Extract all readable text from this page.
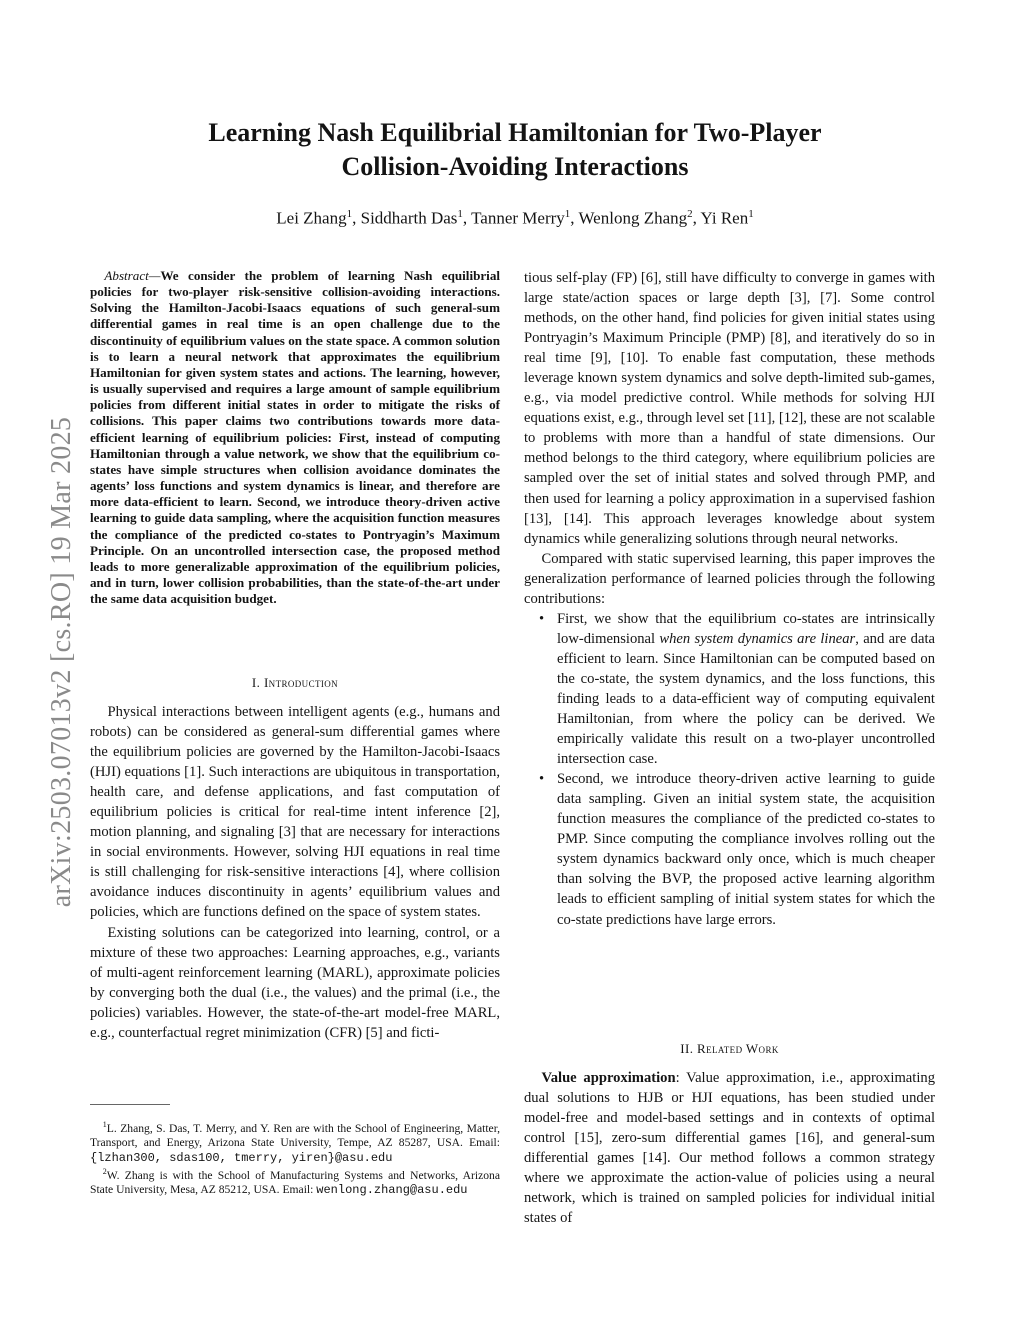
arXiv:2503.07013v2 [cs.RO] 19 Mar 2025
Learning Nash Equilibrial Hamiltonian for Two-Player
Collision-Avoiding Interactions
Lei Zhang$^1$, Siddharth Das$^1$, Tanner Merry$^1$, Wenlong Zhang$^2$, Yi Ren$^1$
Abstract—We consider the problem of learning Nash equilibrial policies for two-player risk-sensitive collision-avoiding interactions. Solving the Hamilton-Jacobi-Isaacs equations of such general-sum differential games in real time is an open challenge due to the discontinuity of equilibrium values on the state space. A common solution is to learn a neural network that approximates the equilibrium Hamiltonian for given system states and actions. The learning, however, is usually supervised and requires a large amount of sample equilibrium policies from different initial states in order to mitigate the risks of collisions. This paper claims two contributions towards more data-efficient learning of equilibrium policies: First, instead of computing Hamiltonian through a value network, we show that the equilibrium co-states have simple structures when collision avoidance dominates the agents’ loss functions and system dynamics is linear, and therefore are more data-efficient to learn. Second, we introduce theory-driven active learning to guide data sampling, where the acquisition function measures the compliance of the predicted co-states to Pontryagin’s Maximum Principle. On an uncontrolled intersection case, the proposed method leads to more generalizable approximation of the equilibrium policies, and in turn, lower collision probabilities, than the state-of-the-art under the same data acquisition budget.
I. Introduction

Physical interactions between intelligent agents (e.g., humans and robots) can be considered as general-sum differential games where the equilibrium policies are governed by the Hamilton-Jacobi-Isaacs (HJI) equations [1]. Such interactions are ubiquitous in transportation, health care, and defense applications, and fast computation of equilibrium policies is critical for real-time intent inference [2], motion planning, and signaling [3] that are necessary for interactions in social environments. However, solving HJI equations in real time is still challenging for risk-sensitive interactions [4], where collision avoidance induces discontinuity in agents’ equilibrium values and policies, which are functions defined on the space of system states.

Existing solutions can be categorized into learning, control, or a mixture of these two approaches: Learning approaches, e.g., variants of multi-agent reinforcement learning (MARL), approximate policies by converging both the dual (i.e., the values) and the primal (i.e., the policies) variables. However, the state-of-the-art model-free MARL, e.g., counterfactual regret minimization (CFR) [5] and ficti-

$^1$L. Zhang, S. Das, T. Merry, and Y. Ren are with the School of Engineering, Matter, Transport, and Energy, Arizona State University, Tempe, AZ 85287, USA. Email: {lzhan300, sdas100, tmerry, yiren}@asu.edu

$^2$W. Zhang is with the School of Manufacturing Systems and Networks, Arizona State University, Mesa, AZ 85212, USA. Email: wenlong.zhang@asu.edu

tious self-play (FP) [6], still have difficulty to converge in games with large state/action spaces or large depth [3], [7]. Some control methods, on the other hand, find policies for given initial states using Pontryagin’s Maximum Principle (PMP) [8], and iteratively do so in real time [9], [10]. To enable fast computation, these methods leverage known system dynamics and solve depth-limited sub-games, e.g., via model predictive control. While methods for solving HJI equations exist, e.g., through level set [11], [12], these are not scalable to problems with more than a handful of state dimensions. Our method belongs to the third category, where equilibrium policies are sampled over the set of initial states and solved through PMP, and then used for learning a policy approximation in a supervised fashion [13], [14]. This approach leverages knowledge about system dynamics while generalizing solutions through neural networks.

Compared with static supervised learning, this paper improves the generalization performance of learned policies through the following contributions:

• First, we show that the equilibrium co-states are intrinsically low-dimensional when system dynamics are linear, and are data efficient to learn. Since Hamiltonian can be computed based on the co-state, the system dynamics, and the loss functions, this finding leads to a data-efficient way of computing equivalent Hamiltonian, from where the policy can be derived. We empirically validate this result on a two-player uncontrolled intersection case.
• Second, we introduce theory-driven active learning to guide data sampling. Given an initial system state, the acquisition function measures the compliance of the predicted co-states to PMP. Since computing the compliance involves rolling out the system dynamics backward only once, which is much cheaper than solving the BVP, the proposed active learning algorithm leads to efficient sampling of initial system states for which the co-state predictions have large errors.
II. Related Work

Value approximation: Value approximation, i.e., approximating dual solutions to HJB or HJI equations, has been studied under model-free and model-based settings and in contexts of optimal control [15], zero-sum differential games [16], and general-sum differential games [14]. Our method follows a common strategy where we approximate the action-value of policies using a neural network, which is trained on sampled policies for individual initial states of
